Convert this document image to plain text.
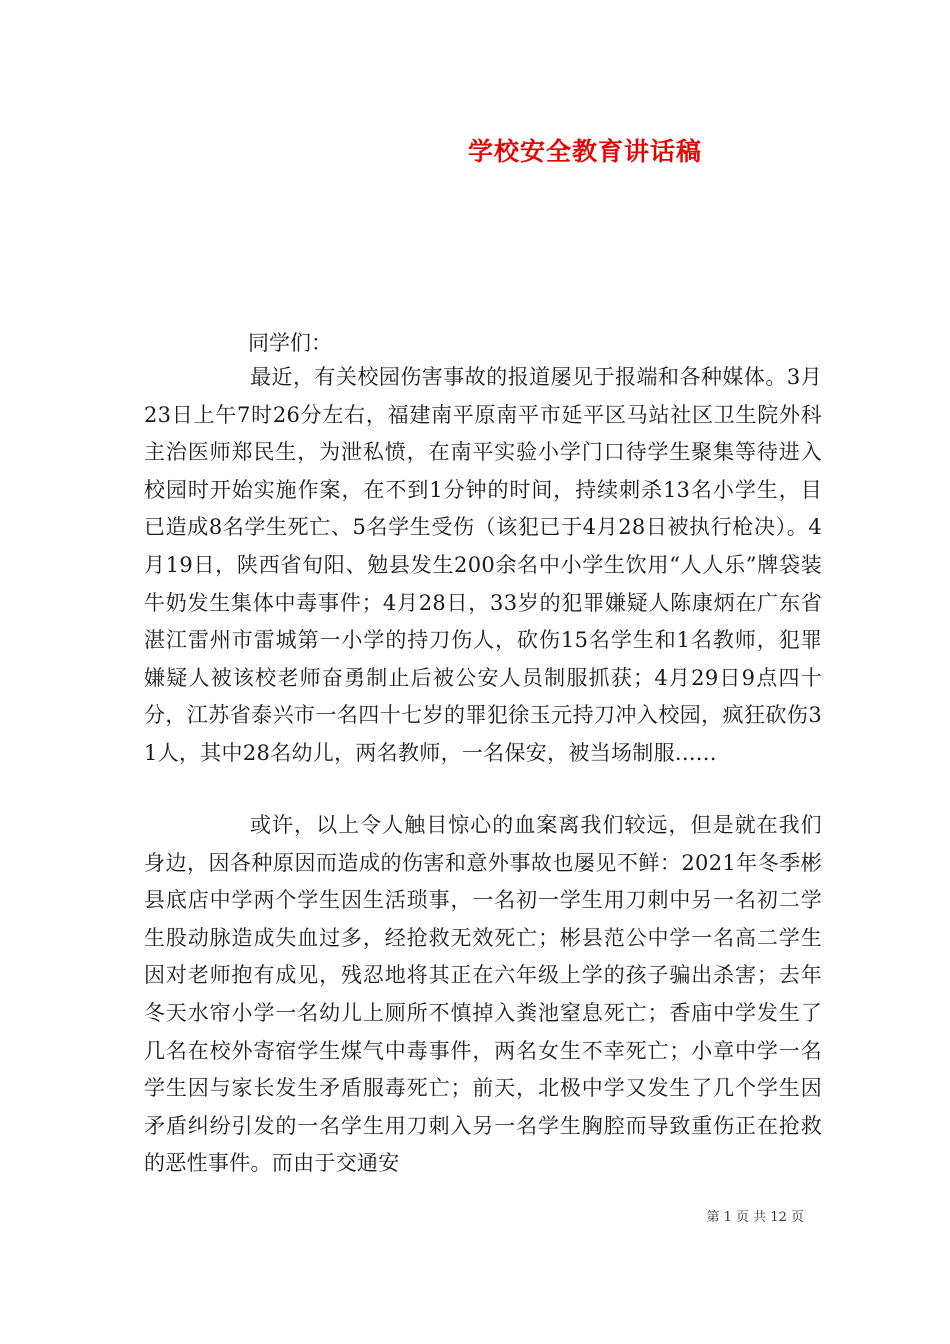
学校安全教育讲话稿

同学们：

最近，有关校园伤害事故的报道屡见于报端和各种媒体。3月23日上午7时26分左右，福建南平原南平市延平区马站社区卫生院外科主治医师郑民生，为泄私愤，在南平实验小学门口待学生聚集等待进入校园时开始实施作案，在不到1分钟的时间，持续刺杀13名小学生，目已造成8名学生死亡、5名学生受伤（该犯已于4月28日被执行枪决）。4月19日，陕西省旬阳、勉县发生200余名中小学生饮用“人人乐”牌袋装牛奶发生集体中毒事件；4月28日，33岁的犯罪嫌疑人陈康炳在广东省湛江雷州市雷城第一小学的持刀伤人，砍伤15名学生和1名教师，犯罪嫌疑人被该校老师奋勇制止后被公安人员制服抓获；4月29日9点四十分，江苏省泰兴市一名四十七岁的罪犯徐玉元持刀冲入校园，疯狂砍伤31人，其中28名幼儿，两名教师，一名保安，被当场制服......

或许，以上令人触目惊心的血案离我们较远，但是就在我们身边，因各种原因而造成的伤害和意外事故也屡见不鲜：2021年冬季彬县底店中学两个学生因生活琐事，一名初一学生用刀刺中另一名初二学生股动脉造成失血过多，经抢救无效死亡；彬县范公中学一名高二学生因对老师抱有成见，残忍地将其正在六年级上学的孩子骗出杀害；去年冬天水帘小学一名幼儿上厕所不慎掉入粪池窒息死亡；香庙中学发生了几名在校外寄宿学生煤气中毒事件，两名女生不幸死亡；小章中学一名学生因与家长发生矛盾服毒死亡；前天，北极中学又发生了几个学生因矛盾纠纷引发的一名学生用刀刺入另一名学生胸腔而导致重伤正在抢救的恶性事件。而由于交通安

第 1 页 共 12 页
